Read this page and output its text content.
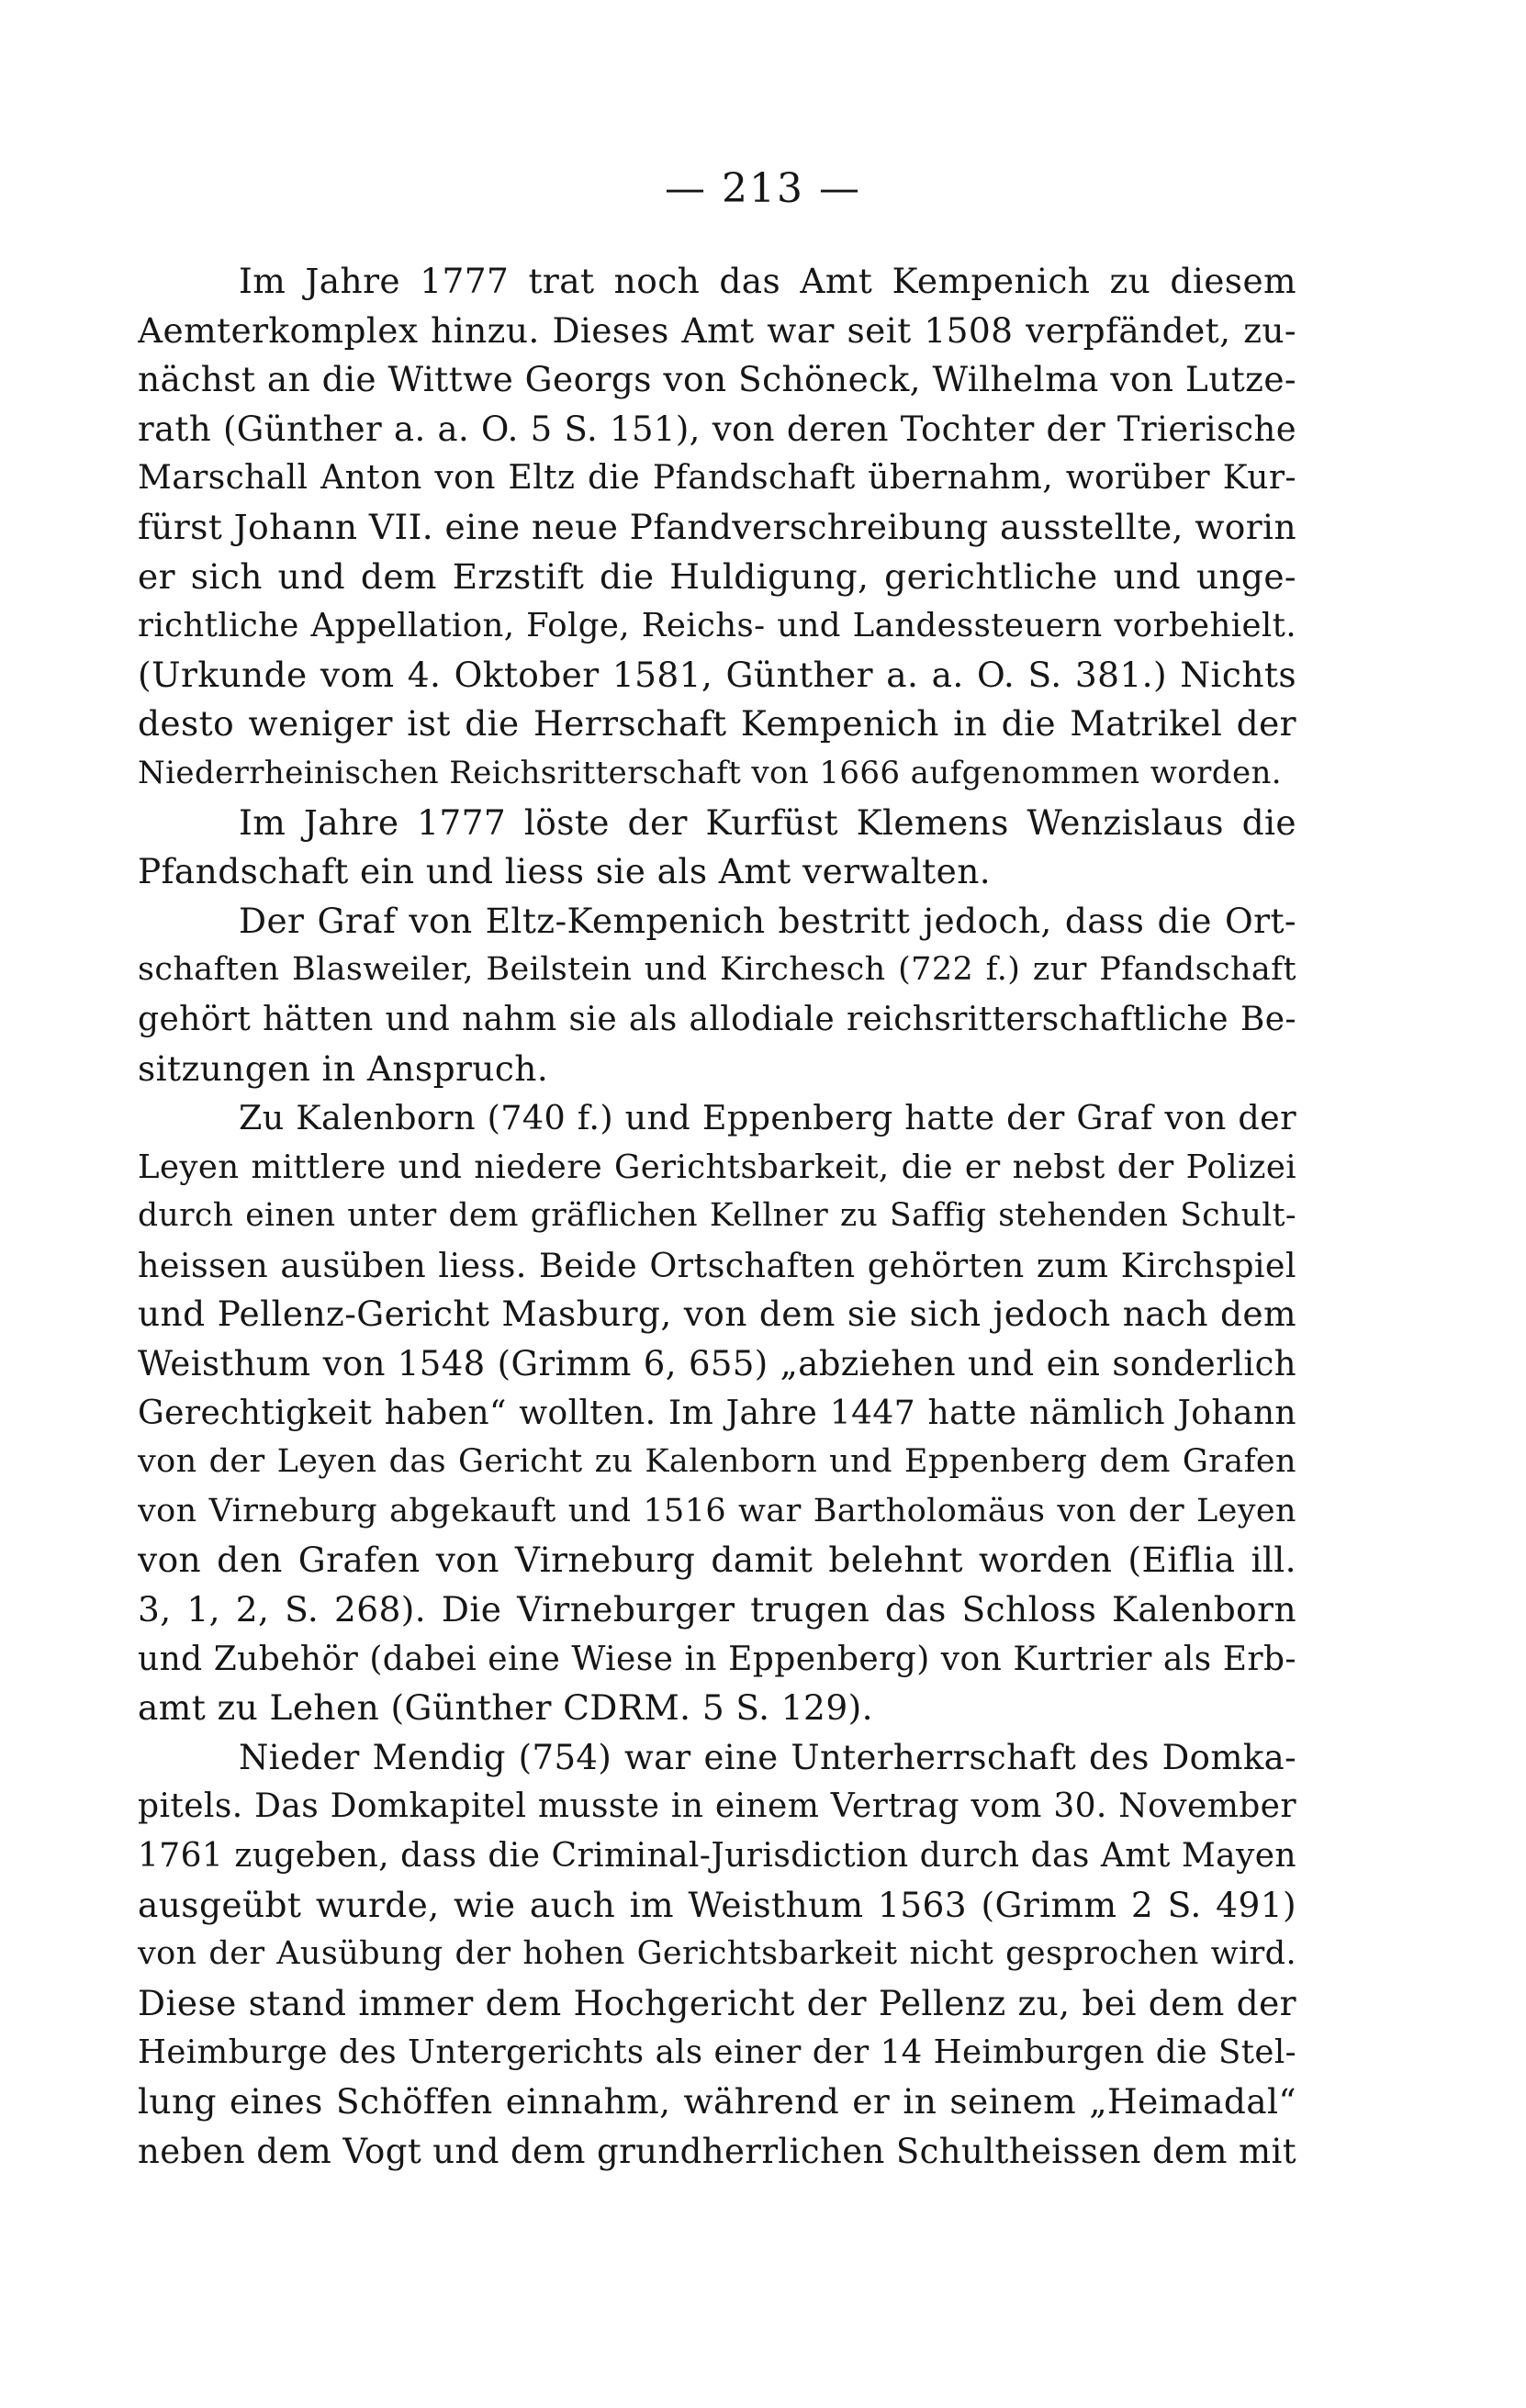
— 213 —
Im Jahre 1777 trat noch das Amt Kempenich zu diesem
Aemterkomplex hinzu. Dieses Amt war seit 1508 verpfändet, zu-
nächst an die Wittwe Georgs von Schöneck, Wilhelma von Lutze-
rath (Günther a. a. O. 5 S. 151), von deren Tochter der Trierische
Marschall Anton von Eltz die Pfandschaft übernahm, worüber Kur-
fürst Johann VII. eine neue Pfandverschreibung ausstellte, worin
er sich und dem Erzstift die Huldigung, gerichtliche und unge-
richtliche Appellation, Folge, Reichs- und Landessteuern vorbehielt.
(Urkunde vom 4. Oktober 1581, Günther a. a. O. S. 381.) Nichts
desto weniger ist die Herrschaft Kempenich in die Matrikel der
Niederrheinischen Reichsritterschaft von 1666 aufgenommen worden.
Im Jahre 1777 löste der Kurfüst Klemens Wenzislaus die
Pfandschaft ein und liess sie als Amt verwalten.
Der Graf von Eltz-Kempenich bestritt jedoch, dass die Ort-
schaften Blasweiler, Beilstein und Kirchesch (722 f.) zur Pfandschaft
gehört hätten und nahm sie als allodiale reichsritterschaftliche Be-
sitzungen in Anspruch.
Zu Kalenborn (740 f.) und Eppenberg hatte der Graf von der
Leyen mittlere und niedere Gerichtsbarkeit, die er nebst der Polizei
durch einen unter dem gräflichen Kellner zu Saffig stehenden Schult-
heissen ausüben liess. Beide Ortschaften gehörten zum Kirchspiel
und Pellenz-Gericht Masburg, von dem sie sich jedoch nach dem
Weisthum von 1548 (Grimm 6, 655) „abziehen und ein sonderlich
Gerechtigkeit haben“ wollten. Im Jahre 1447 hatte nämlich Johann
von der Leyen das Gericht zu Kalenborn und Eppenberg dem Grafen
von Virneburg abgekauft und 1516 war Bartholomäus von der Leyen
von den Grafen von Virneburg damit belehnt worden (Eiflia ill.
3, 1, 2, S. 268). Die Virneburger trugen das Schloss Kalenborn
und Zubehör (dabei eine Wiese in Eppenberg) von Kurtrier als Erb-
amt zu Lehen (Günther CDRM. 5 S. 129).
Nieder Mendig (754) war eine Unterherrschaft des Domka-
pitels. Das Domkapitel musste in einem Vertrag vom 30. November
1761 zugeben, dass die Criminal-Jurisdiction durch das Amt Mayen
ausgeübt wurde, wie auch im Weisthum 1563 (Grimm 2 S. 491)
von der Ausübung der hohen Gerichtsbarkeit nicht gesprochen wird.
Diese stand immer dem Hochgericht der Pellenz zu, bei dem der
Heimburge des Untergerichts als einer der 14 Heimburgen die Stel-
lung eines Schöffen einnahm, während er in seinem „Heimadal“
neben dem Vogt und dem grundherrlichen Schultheissen dem mit
